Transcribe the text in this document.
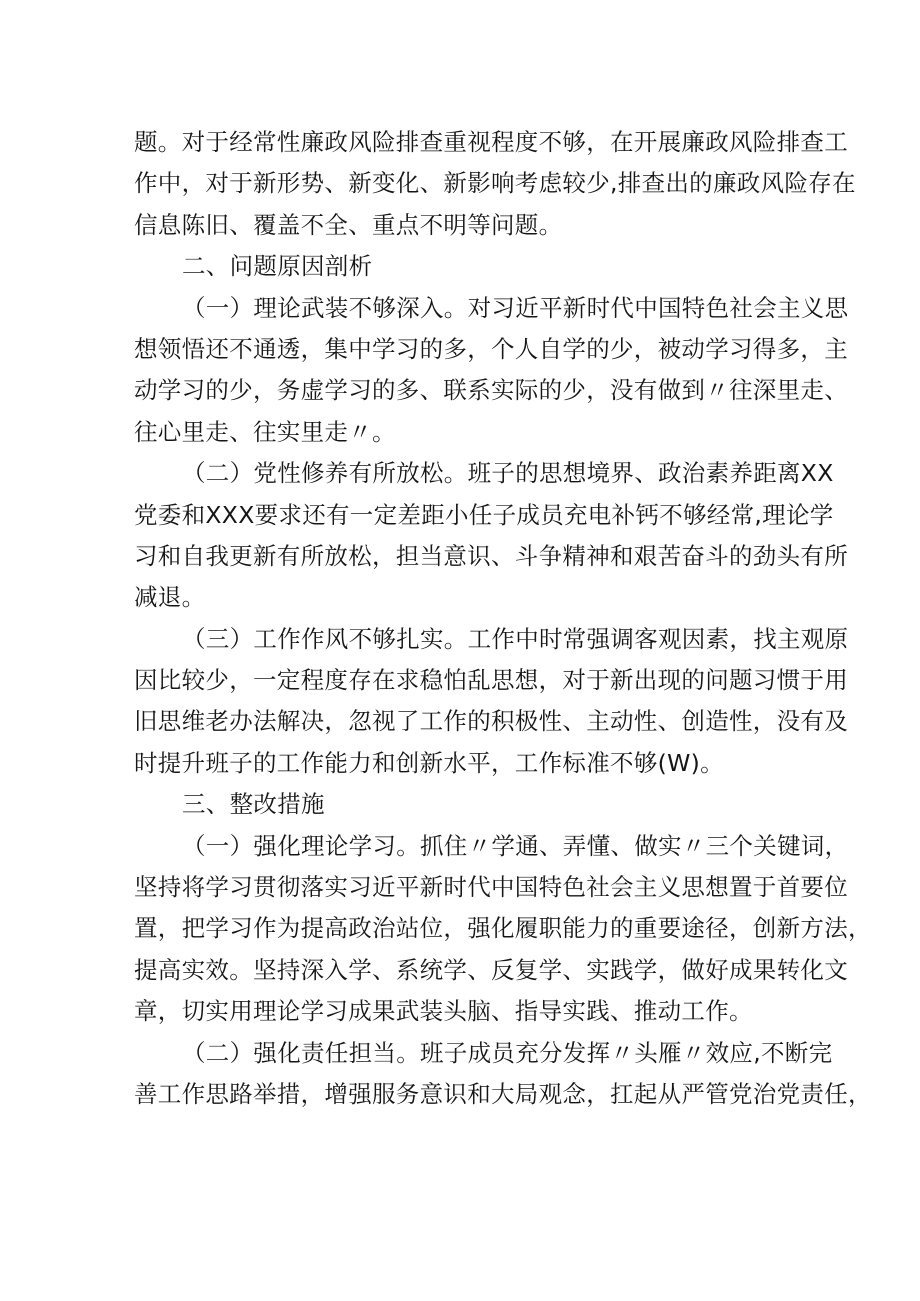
题。对于经常性廉政风险排查重视程度不够，在开展廉政风险排查工
作中，对于新形势、新变化、新影响考虑较少,排查出的廉政风险存在
信息陈旧、覆盖不全、重点不明等问题。
二、问题原因剖析
（一）理论武装不够深入。对习近平新时代中国特色社会主义思
想领悟还不通透，集中学习的多，个人自学的少，被动学习得多，主
动学习的少，务虚学习的多、联系实际的少，没有做到〃往深里走、
往心里走、往实里走〃。
（二）党性修养有所放松。班子的思想境界、政治素养距离XX
党委和XXX要求还有一定差距小任子成员充电补钙不够经常,理论学
习和自我更新有所放松，担当意识、斗争精神和艰苦奋斗的劲头有所
减退。
（三）工作作风不够扎实。工作中时常强调客观因素，找主观原
因比较少，一定程度存在求稳怕乱思想，对于新出现的问题习惯于用
旧思维老办法解决，忽视了工作的积极性、主动性、创造性，没有及
时提升班子的工作能力和创新水平，工作标准不够(W)。
三、整改措施
（一）强化理论学习。抓住〃学通、弄懂、做实〃三个关键词，
坚持将学习贯彻落实习近平新时代中国特色社会主义思想置于首要位
置，把学习作为提高政治站位，强化履职能力的重要途径，创新方法，
提高实效。坚持深入学、系统学、反复学、实践学，做好成果转化文
章，切实用理论学习成果武装头脑、指导实践、推动工作。
（二）强化责任担当。班子成员充分发挥〃头雁〃效应,不断完
善工作思路举措，增强服务意识和大局观念，扛起从严管党治党责任，
